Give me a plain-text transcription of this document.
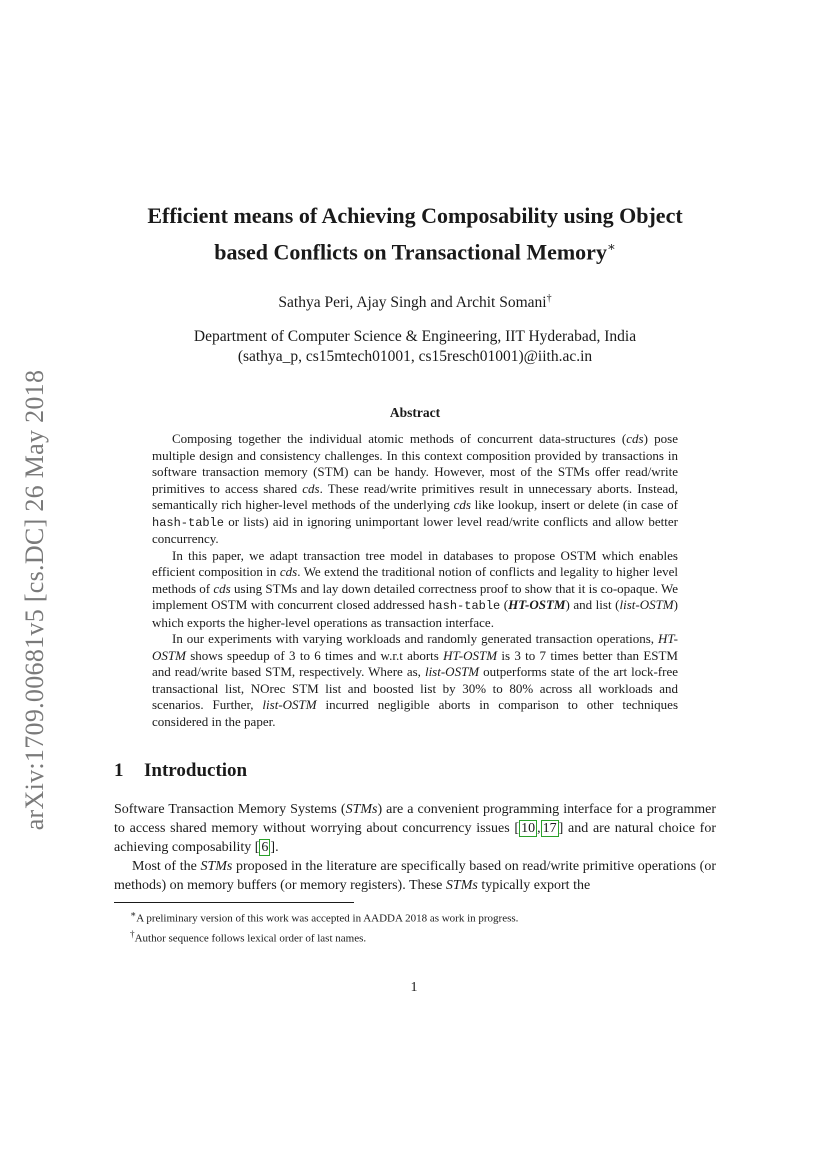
arXiv:1709.00681v5 [cs.DC] 26 May 2018
Efficient means of Achieving Composability using Object
based Conflicts on Transactional Memory∗
Sathya Peri, Ajay Singh and Archit Somani†
Department of Computer Science & Engineering, IIT Hyderabad, India
(sathya_p, cs15mtech01001, cs15resch01001)@iith.ac.in
Abstract

Composing together the individual atomic methods of concurrent data-structures (cds) pose multiple design and consistency challenges. In this context composition provided by transactions in software transaction memory (STM) can be handy. However, most of the STMs offer read/write primitives to access shared cds. These read/write primitives result in unnecessary aborts. Instead, semantically rich higher-level methods of the underlying cds like lookup, insert or delete (in case of hash-table or lists) aid in ignoring unimportant lower level read/write conflicts and allow better concurrency.

In this paper, we adapt transaction tree model in databases to propose OSTM which enables efficient composition in cds. We extend the traditional notion of conflicts and legality to higher level methods of cds using STMs and lay down detailed correctness proof to show that it is co-opaque. We implement OSTM with concurrent closed addressed hash-table (HT-OSTM) and list (list-OSTM) which exports the higher-level operations as transaction interface.

In our experiments with varying workloads and randomly generated transaction operations, HT-OSTM shows speedup of 3 to 6 times and w.r.t aborts HT-OSTM is 3 to 7 times better than ESTM and read/write based STM, respectively. Where as, list-OSTM outperforms state of the art lock-free transactional list, NOrec STM list and boosted list by 30% to 80% across all workloads and scenarios. Further, list-OSTM incurred negligible aborts in comparison to other techniques considered in the paper.

1 Introduction

Software Transaction Memory Systems (STMs) are a convenient programming interface for a programmer to access shared memory without worrying about concurrency issues [ 10 , 17 ] and are natural choice for achieving composability [ 6 ].

Most of the STMs proposed in the literature are specifically based on read/write primitive operations (or methods) on memory buffers (or memory registers). These STMs typically export the

∗A preliminary version of this work was accepted in AADDA 2018 as work in progress.

†Author sequence follows lexical order of last names.

1
